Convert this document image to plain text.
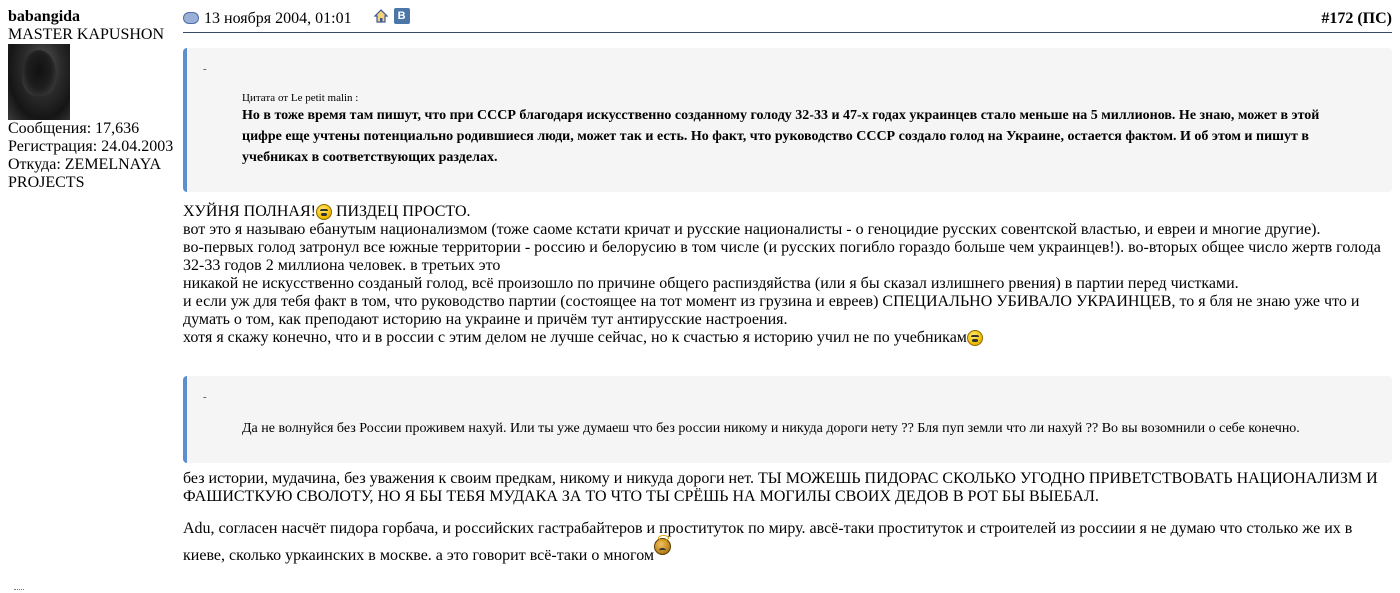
babangida
MASTER KAPUSHON
Сообщения: 17,636
Регистрация: 24.04.2003
Откуда: ZEMELNAYA PROJECTS
13 ноября 2004, 01:01	В	#172 (ПС)
-
Цитата от Le petit malin :
Но в тоже время там пишут, что при СССР благодаря искусственно созданному голоду 32-33 и 47-х годах украинцев стало меньше на 5 миллионов. Не знаю, может в этой цифре еще учтены потенциально родившиеся люди, может так и есть. Но факт, что руководство СССР создало голод на Украине, остается фактом. И об этом и пишут в учебниках в соответствующих разделах.
ХУЙНЯ ПОЛНАЯ! ПИЗДЕЦ ПРОСТО.
вот это я называю ебанутым национализмом (тоже саоме кстати кричат и русские националисты - о геноцидие русских совентской властью, и евреи и многие другие).
во-первых голод затронул все южные территории - россию и белорусию в том числе (и русских погибло гораздо больше чем украинцев!). во-вторых общее число жертв голода 32-33 годов 2 миллиона человек. в третьих это
никакой не искусственно созданый голод, всё произошло по причине общего распиздяйства (или я бы сказал излишнего рвения) в партии перед чистками.
и если уж для тебя факт в том, что руководство партии (состоящее на тот момент из грузина и евреев) СПЕЦИАЛЬНО УБИВАЛО УКРАИНЦЕВ, то я бля не знаю уже что и думать о том, как преподают историю на украине и причём тут антирусские настроения.
хотя я скажу конечно, что и в россии с этим делом не лучше сейчас, но к счастью я историю учил не по учебникам
-
Да не волнуйся без России проживем нахуй. Или ты уже думаеш что без россии никому и никуда дороги нету ?? Бля пуп земли что ли нахуй ?? Во вы возомнили о себе конечно.
без истории, мудачина, без уважения к своим предкам, никому и никуда дороги нет. ТЫ МОЖЕШЬ ПИДОРАС СКОЛЬКО УГОДНО ПРИВЕТСТВОВАТЬ НАЦИОНАЛИЗМ И ФАШИСТКУЮ СВОЛОТУ, НО Я БЫ ТЕБЯ МУДАКА ЗА ТО ЧТО ТЫ СРЁШЬ НА МОГИЛЫ СВОИХ ДЕДОВ В РОТ БЫ ВЫЕБАЛ.
Adu, согласен насчёт пидора горбача, и российских гастрабайтеров и проституток по миру. авсё-таки проституток и строителей из россиии я не думаю что столько же их в киеве, сколько уркаинских в москве. а это говорит всё-таки о многом
